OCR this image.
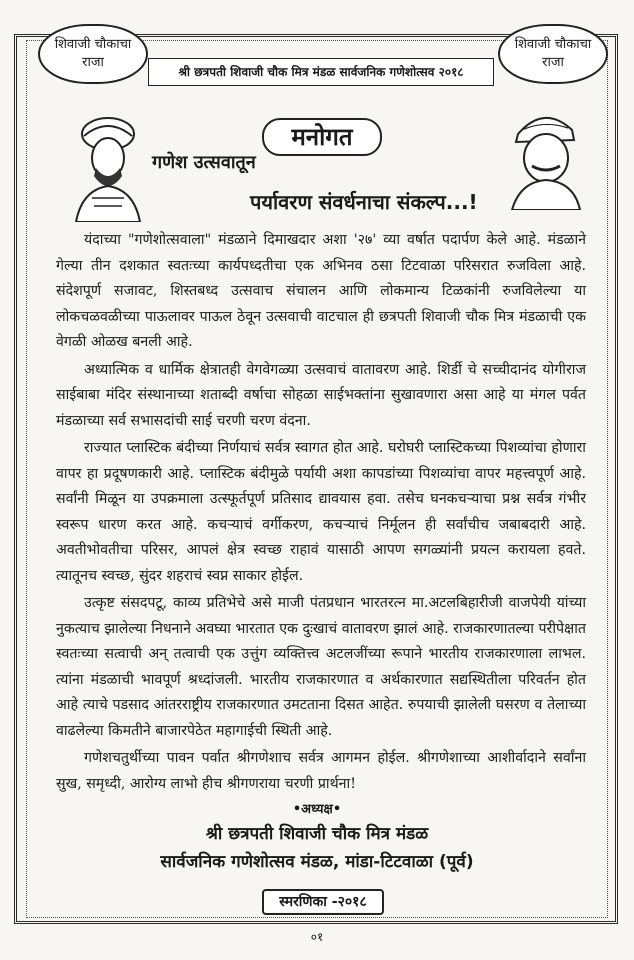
शिवाजी चौकाचा
राजा
शिवाजी चौकाचा
राजा
श्री छत्रपती शिवाजी चौक मित्र मंडळ सार्वजनिक गणेशोत्सव २०१८
मनोगत
गणेश उत्सवातून
पर्यावरण संवर्धनाचा संकल्प...!

यंदाच्या "गणेशोत्सवाला" मंडळाने दिमाखदार अशा '२७' व्या वर्षात पदार्पण केले आहे. मंडळाने गेल्या तीन दशकात स्वतःच्या कार्यपध्दतीचा एक अभिनव ठसा टिटवाळा परिसरात रुजविला आहे. संदेशपूर्ण सजावट, शिस्तबध्द उत्सवाच संचालन आणि लोकमान्य टिळकांनी रुजविलेल्या या लोकचळवळीच्या पाऊलावर पाऊल ठेवून उत्सवाची वाटचाल ही छत्रपती शिवाजी चौक मित्र मंडळाची एक वेगळी ओळख बनली आहे.

अध्यात्मिक व धार्मिक क्षेत्रातही वेगवेगळ्या उत्सवाचं वातावरण आहे. शिर्डी चे सच्चीदानंद योगीराज साईबाबा मंदिर संस्थानाच्या शताब्दी वर्षाचा सोहळा साईभक्तांना सुखावणारा असा आहे या मंगल पर्वत मंडळाच्या सर्व सभासदांची साई चरणी चरण वंदना.

राज्यात प्लास्टिक बंदीच्या निर्णयाचं सर्वत्र स्वागत होत आहे. घरोघरी प्लास्टिकच्या पिशव्यांचा होणारा वापर हा प्रदूषणकारी आहे. प्लास्टिक बंदीमुळे पर्यायी अशा कापडांच्या पिशव्यांचा वापर महत्त्वपूर्ण आहे. सर्वांनी मिळून या उपक्रमाला उत्स्फूर्तपूर्ण प्रतिसाद द्यावयास हवा. तसेच घनकचऱ्याचा प्रश्न सर्वत्र गंभीर स्वरूप धारण करत आहे. कचऱ्याचं वर्गीकरण, कचऱ्याचं निर्मूलन ही सर्वांचीच जबाबदारी आहे. अवतीभोवतीचा परिसर, आपलं क्षेत्र स्वच्छ राहावं यासाठी आपण सगळ्यांनी प्रयत्न करायला हवते. त्यातूनच स्वच्छ, सुंदर शहराचं स्वप्न साकार होईल.

उत्कृष्ट संसदपटू, काव्य प्रतिभेचे असे माजी पंतप्रधान भारतरत्न मा.अटलबिहारीजी वाजपेयी यांच्या नुकत्याच झालेल्या निधनाने अवघ्या भारतात एक दुःखाचं वातावरण झालं आहे. राजकारणातल्या परीपेक्षात स्वतःच्या सत्वाची अन् तत्वाची एक उत्तुंग व्यक्तित्त्व अटलजींच्या रूपाने भारतीय राजकारणाला लाभल. त्यांना मंडळाची भावपूर्ण श्रध्दांजली. भारतीय राजकारणात व अर्थकारणात सद्यस्थितीला परिवर्तन होत आहे त्याचे पडसाद आंतरराष्ट्रीय राजकारणात उमटताना दिसत आहेत. रुपयाची झालेली घसरण व तेलाच्या वाढलेल्या किमतीने बाजारपेठेत महागाईची स्थिती आहे.

गणेशचतुर्थीच्या पावन पर्वात श्रीगणेशाच सर्वत्र आगमन होईल. श्रीगणेशाच्या आशीर्वादाने सर्वांना सुख, समृध्दी, आरोग्य लाभो हीच श्रीगणराया चरणी प्रार्थना!

•अध्यक्ष•
श्री छत्रपती शिवाजी चौक मित्र मंडळ
सार्वजनिक गणेशोत्सव मंडळ, मांडा-टिटवाळा (पूर्व)
स्मरणिका -२०१८
०१
